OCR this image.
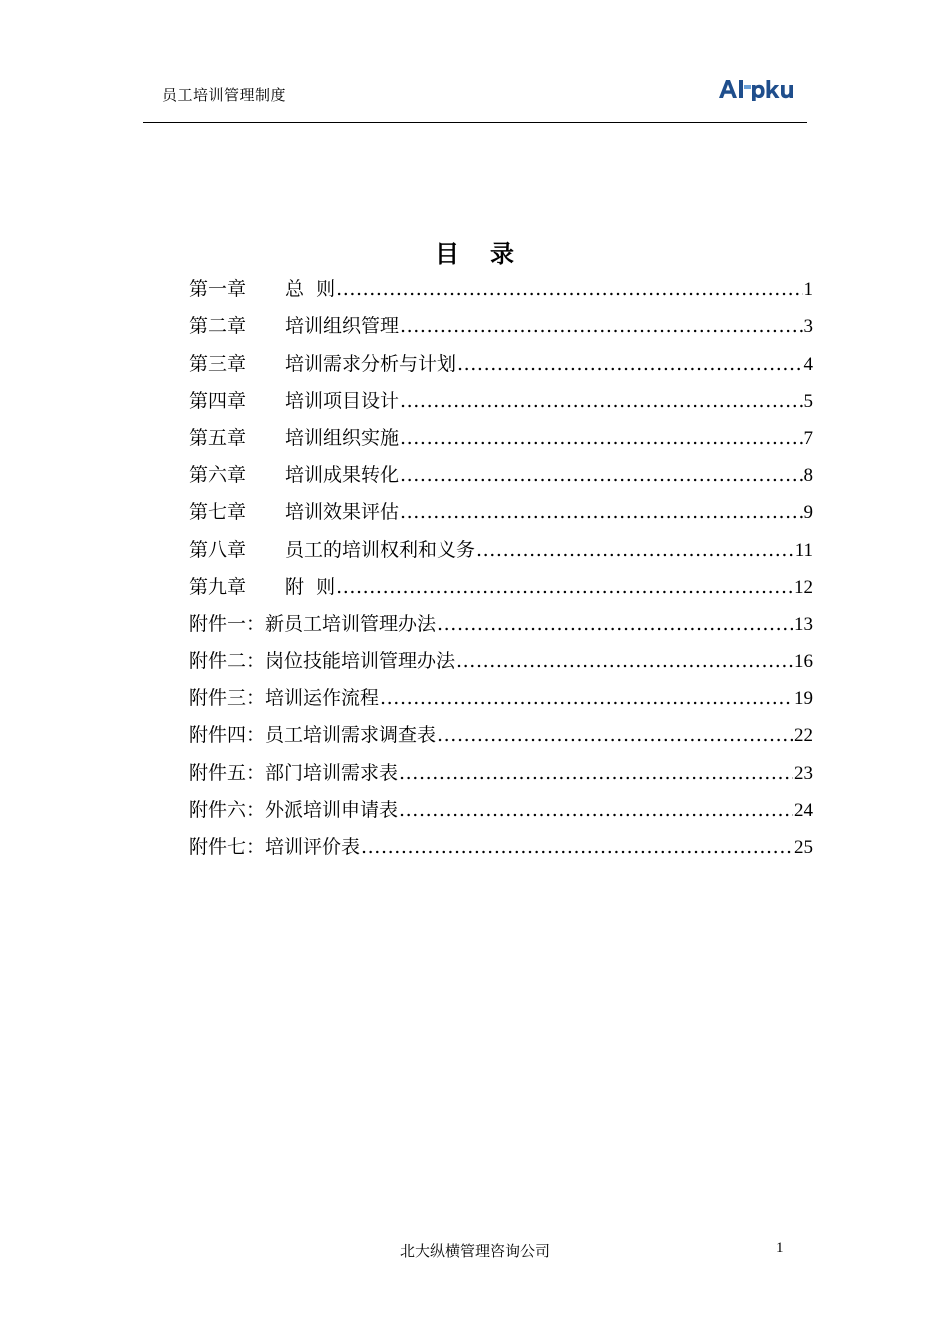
员工培训管理制度
目 录
第一章 总  则 .....	1
第二章 培训组织管理 .....	3
第三章 培训需求分析与计划 .....	4
第四章 培训项目设计 .....	5
第五章 培训组织实施 .....	7
第六章 培训成果转化 .....	8
第七章 培训效果评估 .....	9
第八章 员工的培训权利和义务 .....	11
第九章 附  则 .....	12
附件一：新员工培训管理办法 .....	13
附件二：岗位技能培训管理办法 .....	16
附件三：培训运作流程 .....	19
附件四：员工培训需求调查表 .....	22
附件五：部门培训需求表 .....	23
附件六：外派培训申请表 .....	24
附件七：培训评价表 .....	25
北大纵横管理咨询公司	1
